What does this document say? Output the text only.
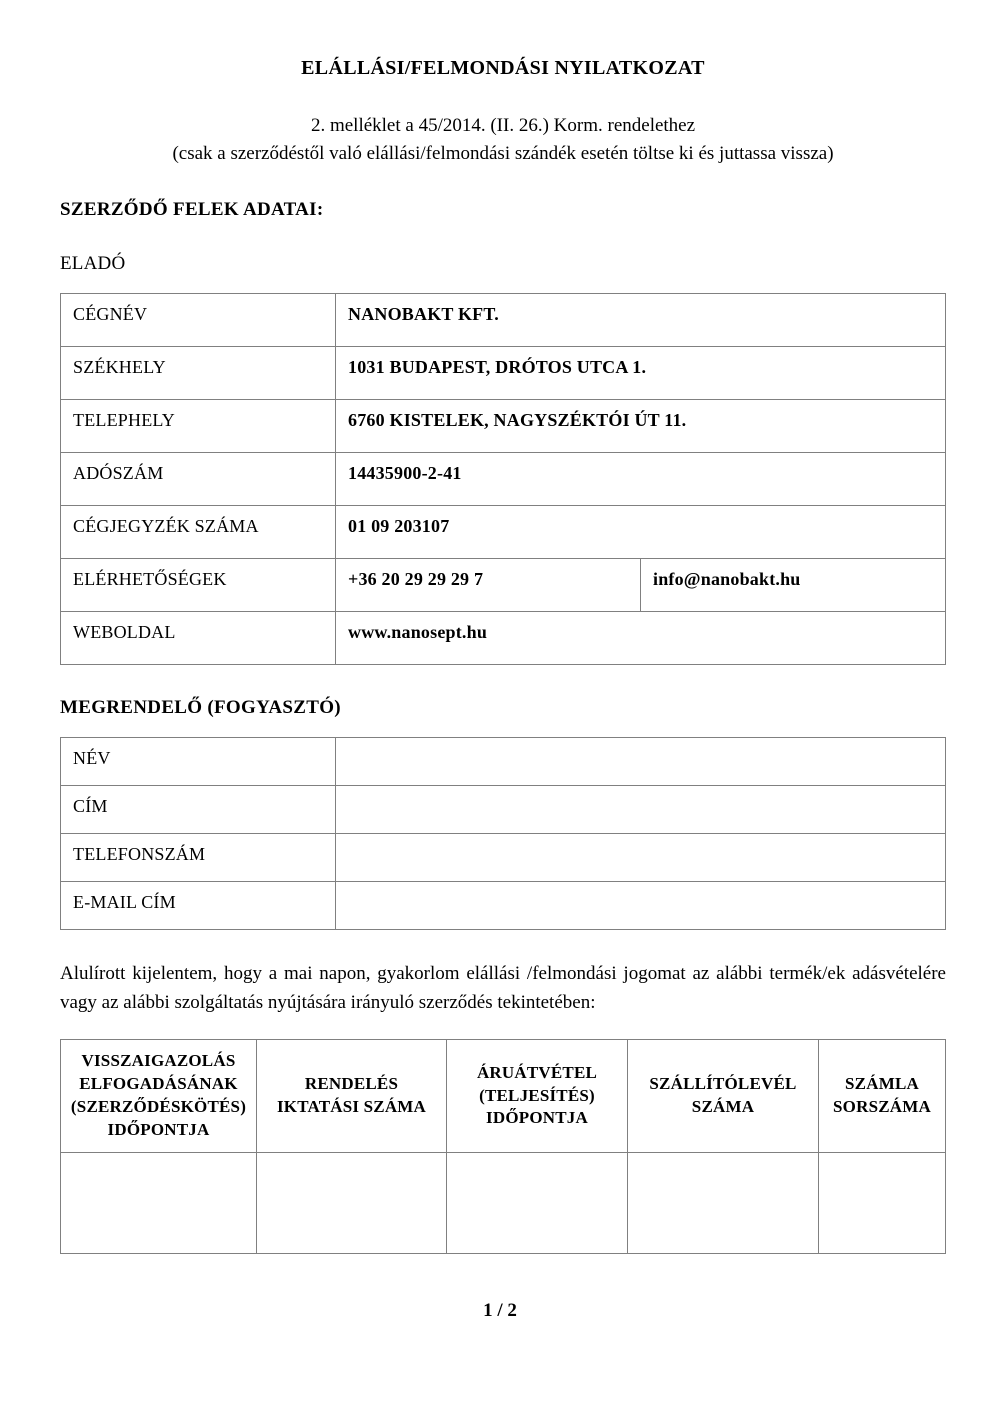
ELÁLLÁSI/FELMONDÁSI NYILATKOZAT
2. melléklet a 45/2014. (II. 26.) Korm. rendelethez
(csak a szerződéstől való elállási/felmondási szándék esetén töltse ki és juttassa vissza)
SZERZŐDŐ FELEK ADATAI:
ELADÓ
CÉGNÉV	NANOBAKT KFT.	
SZÉKHELY	1031 BUDAPEST, DRÓTOS UTCA 1.	
TELEPHELY	6760 KISTELEK, NAGYSZÉKTÓI ÚT 11.	
ADÓSZÁM	14435900-2-41	
CÉGJEGYZÉK SZÁMA	01 09 203107	
ELÉRHETŐSÉGEK	+36 20 29 29 29 7	info@nanobakt.hu
WEBOLDAL	www.nanosept.hu	
MEGRENDELŐ (FOGYASZTÓ)
NÉV	
CÍM	
TELEFONSZÁM	
E-MAIL CÍM	
Alulírott kijelentem, hogy a mai napon, gyakorlom elállási /felmondási jogomat az alábbi termék/ek adásvételére vagy az alábbi szolgáltatás nyújtására irányuló szerződés tekintetében:
VISSZAIGAZOLÁS ELFOGADÁSÁNAK (SZERZŐDÉSKÖTÉS) IDŐPONTJA	RENDELÉS IKTATÁSI SZÁMA	ÁRUÁTVÉTEL (TELJESÍTÉS) IDŐPONTJA	SZÁLLÍTÓLEVÉL SZÁMA	SZÁMLA SORSZÁMA

1 / 2
